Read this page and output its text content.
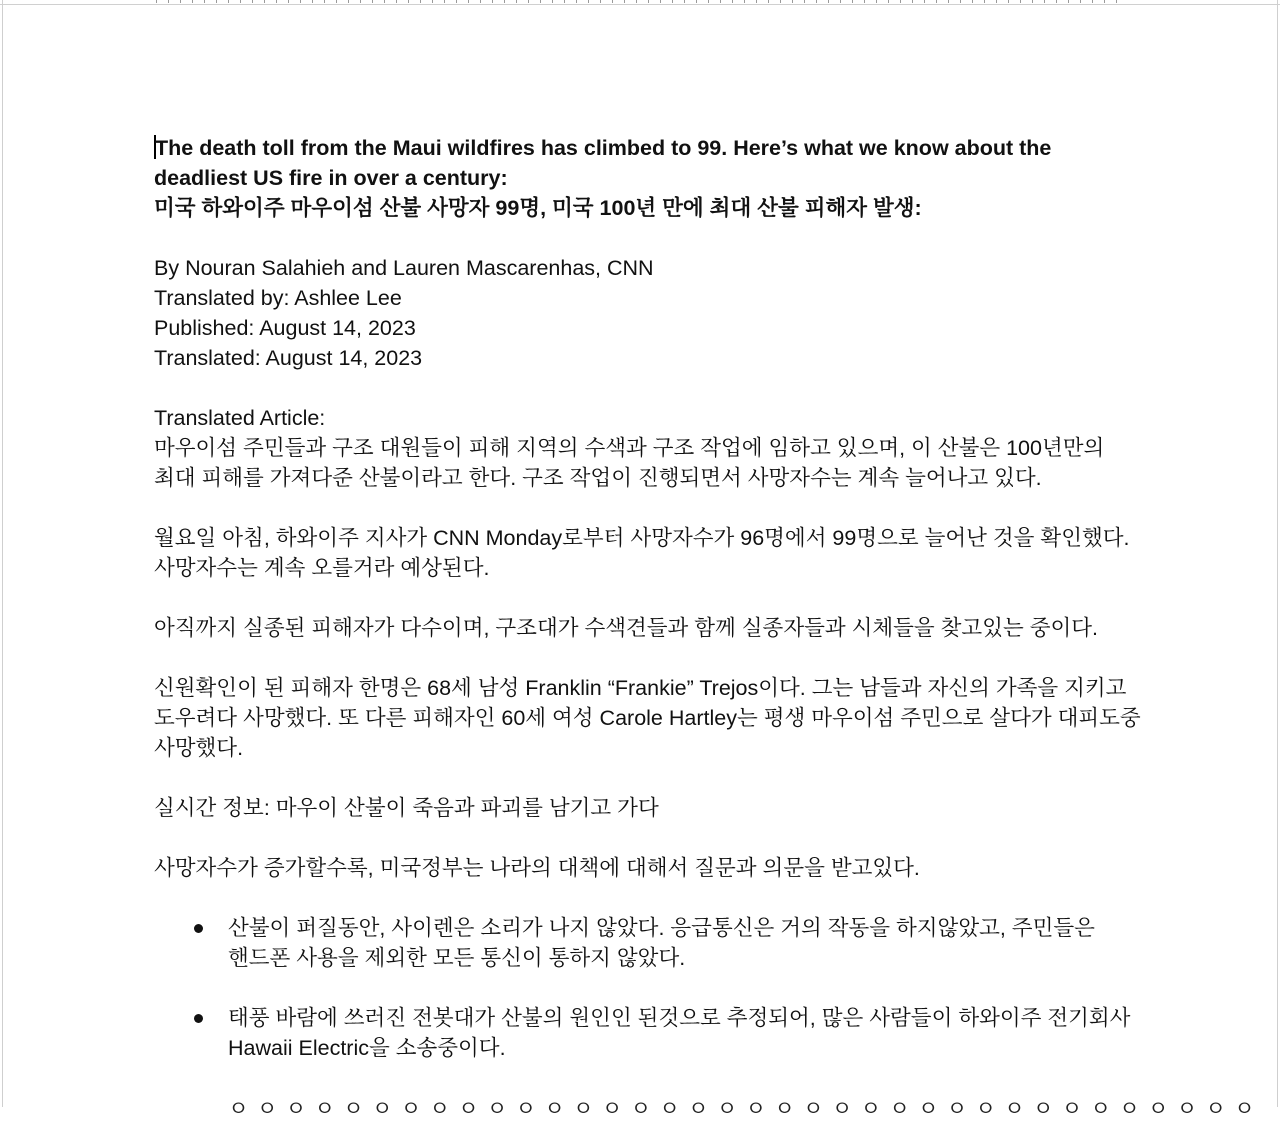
The death toll from the Maui wildfires has climbed to 99. Here’s what we know about the
deadliest US fire in over a century:
미국 하와이주 마우이섬 산불 사망자 99명, 미국 100년 만에 최대 산불 피해자 발생:
By Nouran Salahieh and Lauren Mascarenhas, CNN
Translated by: Ashlee Lee
Published: August 14, 2023
Translated: August 14, 2023
Translated Article:
마우이섬 주민들과 구조 대원들이 피해 지역의 수색과 구조 작업에 임하고 있으며, 이 산불은 100년만의
최대 피해를 가져다준 산불이라고 한다. 구조 작업이 진행되면서 사망자수는 계속 늘어나고 있다.
월요일 아침, 하와이주 지사가 CNN Monday로부터 사망자수가 96명에서 99명으로 늘어난 것을 확인했다.
사망자수는 계속 오를거라 예상된다.
아직까지 실종된 피해자가 다수이며, 구조대가 수색견들과 함께 실종자들과 시체들을 찾고있는 중이다.
신원확인이 된 피해자 한명은 68세 남성 Franklin “Frankie” Trejos이다. 그는 남들과 자신의 가족을 지키고
도우려다 사망했다. 또 다른 피해자인 60세 여성 Carole Hartley는 평생 마우이섬 주민으로 살다가 대피도중
사망했다.
실시간 정보: 마우이 산불이 죽음과 파괴를 남기고 가다
사망자수가 증가할수록, 미국정부는 나라의 대책에 대해서 질문과 의문을 받고있다.
산불이 퍼질동안, 사이렌은 소리가 나지 않았다. 응급통신은 거의 작동을 하지않았고, 주민들은
핸드폰 사용을 제외한 모든 통신이 통하지 않았다.
태풍 바람에 쓰러진 전봇대가 산불의 원인인 된것으로 추정되어, 많은 사람들이 하와이주 전기회사
Hawaii Electric을 소송중이다.
ㅇ ㅇ ㅇ ㅇ ㅇ ㅇ ㅇ ㅇ ㅇ ㅇ ㅇ ㅇ ㅇ ㅇ ㅇ ㅇ ㅇ ㅇ ㅇ ㅇ ㅇ ㅇ ㅇ ㅇ ㅇ ㅇ ㅇ ㅇ ㅇ ㅇ ㅇ ㅇ ㅇ ㅇ ㅇ ㅇ
